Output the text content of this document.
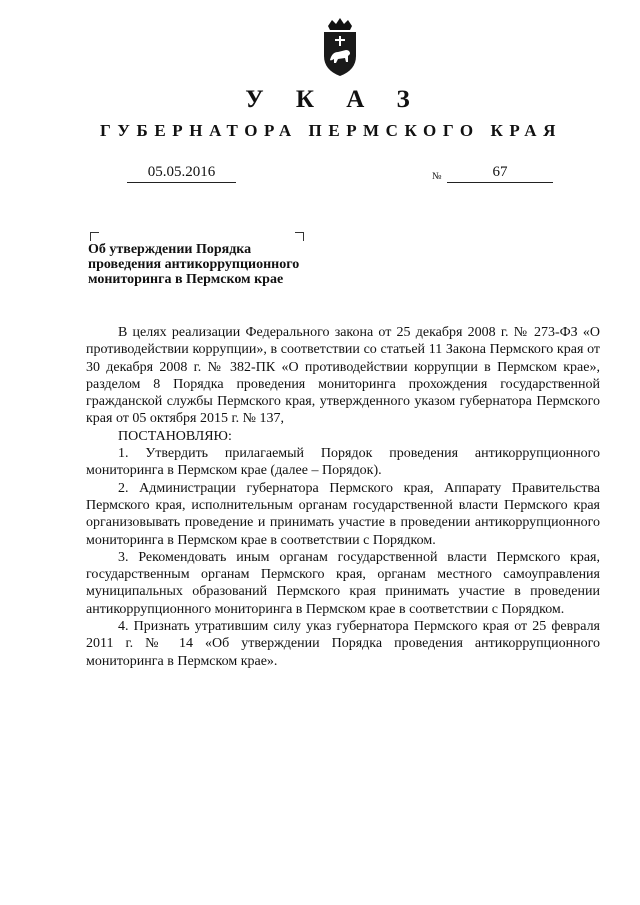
У К А З
ГУБЕРНАТОРА ПЕРМСКОГО КРАЯ
05.05.2016	№	67
Об утверждении Порядка
проведения антикоррупционного
мониторинга в Пермском крае

В целях реализации Федерального закона от 25 декабря 2008 г. № 273-ФЗ «О противодействии коррупции», в соответствии со статьей 11 Закона Пермского края от 30 декабря 2008 г. № 382-ПК «О противодействии коррупции в Пермском крае», разделом 8 Порядка проведения мониторинга прохождения государственной гражданской службы Пермского края, утвержденного указом губернатора Пермского края от 05 октября 2015 г. № 137,

ПОСТАНОВЛЯЮ:

1. Утвердить прилагаемый Порядок проведения антикоррупционного мониторинга в Пермском крае (далее – Порядок).

2. Администрации губернатора Пермского края, Аппарату Правительства Пермского края, исполнительным органам государственной власти Пермского края организовывать проведение и принимать участие в проведении антикоррупционного мониторинга в Пермском крае в соответствии с Порядком.

3. Рекомендовать иным органам государственной власти Пермского края, государственным органам Пермского края, органам местного самоуправления муниципальных образований Пермского края принимать участие в проведении антикоррупционного мониторинга в Пермском крае в соответствии с Порядком.

4. Признать утратившим силу указ губернатора Пермского края от 25 февраля 2011 г. № 14 «Об утверждении Порядка проведения антикоррупционного мониторинга в Пермском крае».
